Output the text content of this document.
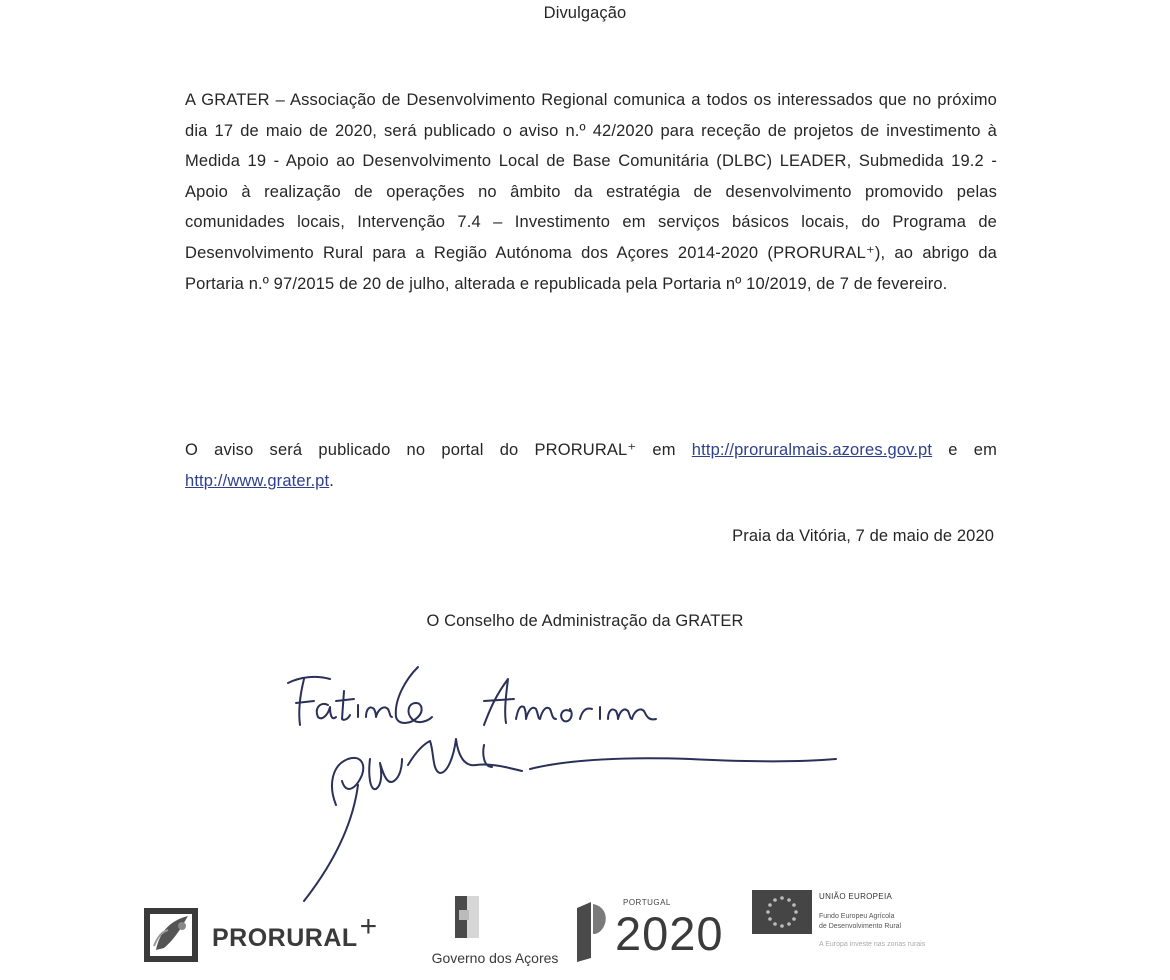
Divulgação

A GRATER – Associação de Desenvolvimento Regional comunica a todos os interessados que no próximo dia 17 de maio de 2020, será publicado o aviso n.º 42/2020 para receção de projetos de investimento à Medida 19 - Apoio ao Desenvolvimento Local de Base Comunitária (DLBC) LEADER, Submedida 19.2 - Apoio à realização de operações no âmbito da estratégia de desenvolvimento promovido pelas comunidades locais, Intervenção 7.4 – Investimento em serviços básicos locais, do Programa de Desenvolvimento Rural para a Região Autónoma dos Açores 2014-2020 (PRORURAL⁺), ao abrigo da Portaria n.º 97/2015 de 20 de julho, alterada e republicada pela Portaria nº 10/2019, de 7 de fevereiro.

O aviso será publicado no portal do PRORURAL⁺ em http://proruralmais.azores.gov.pt e em http://www.grater.pt.

Praia da Vitória, 7 de maio de 2020
O Conselho de Administração da GRATER
PRORURAL+
Governo dos Açores
PORTUGAL
2020
UNIÃO EUROPEIA
Fundo Europeu Agrícola
de Desenvolvimento Rural
A Europa investe nas zonas rurais
